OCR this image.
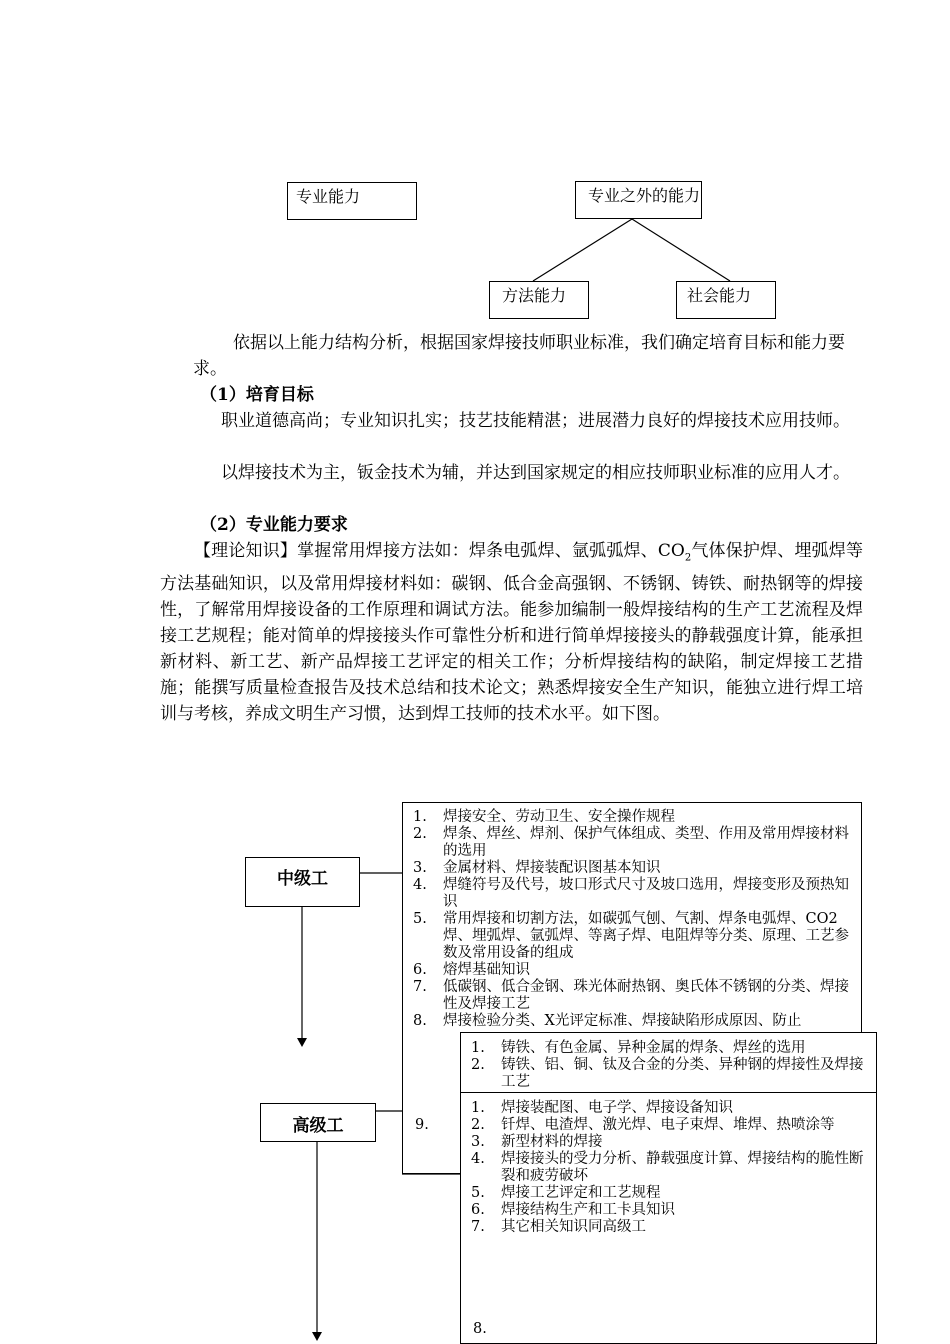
专业能力	专业之外的能力
方法能力	社会能力
依据以上能力结构分析，根据国家焊接技师职业标准，我们确定培育目标和能力要求。
（1）培育目标
职业道德高尚；专业知识扎实；技艺技能精湛；进展潜力良好的焊接技术应用技师。
以焊接技术为主，钣金技术为辅，并达到国家规定的相应技师职业标准的应用人才。
（2）专业能力要求
【理论知识】掌握常用焊接方法如：焊条电弧焊、氩弧弧焊、$CO_2$气体保护焊、埋弧焊等方法基础知识，以及常用焊接材料如：碳钢、低合金高强钢、不锈钢、铸铁、耐热钢等的焊接性，了解常用焊接设备的工作原理和调试方法。能参加编制一般焊接结构的生产工艺流程及焊接工艺规程；能对简单的焊接接头作可靠性分析和进行简单焊接接头的静载强度计算，能承担新材料、新工艺、新产品焊接工艺评定的相关工作；分析焊接结构的缺陷，制定焊接工艺措施；能撰写质量检查报告及技术总结和技术论文；熟悉焊接安全生产知识，能独立进行焊工培训与考核，养成文明生产习惯，达到焊工技师的技术水平。如下图。
中级工
高级工
1. 焊接安全、劳动卫生、安全操作规程
2. 焊条、焊丝、焊剂、保护气体组成、类型、作用及常用焊接材料的选用
3. 金属材料、焊接装配识图基本知识
4. 焊缝符号及代号，坡口形式尺寸及坡口选用，焊接变形及预热知识
5. 常用焊接和切割方法，如碳弧气刨、气割、焊条电弧焊、CO2焊、埋弧焊、氩弧焊、等离子焊、电阻焊等分类、原理、工艺参数及常用设备的组成
6. 熔焊基础知识
7. 低碳钢、低合金钢、珠光体耐热钢、奥氏体不锈钢的分类、焊接性及焊接工艺
8. 焊接检验分类、X光评定标准、焊接缺陷形成原因、防止
9.
1. 铸铁、有色金属、异种金属的焊条、焊丝的选用
2. 铸铁、铝、铜、钛及合金的分类、异种钢的焊接性及焊接工艺
1. 焊接装配图、电子学、焊接设备知识
2. 钎焊、电渣焊、激光焊、电子束焊、堆焊、热喷涂等
3. 新型材料的焊接
4. 焊接接头的受力分析、静载强度计算、焊接结构的脆性断裂和疲劳破坏
5. 焊接工艺评定和工艺规程
6. 焊接结构生产和工卡具知识
7. 其它相关知识同高级工
8.
